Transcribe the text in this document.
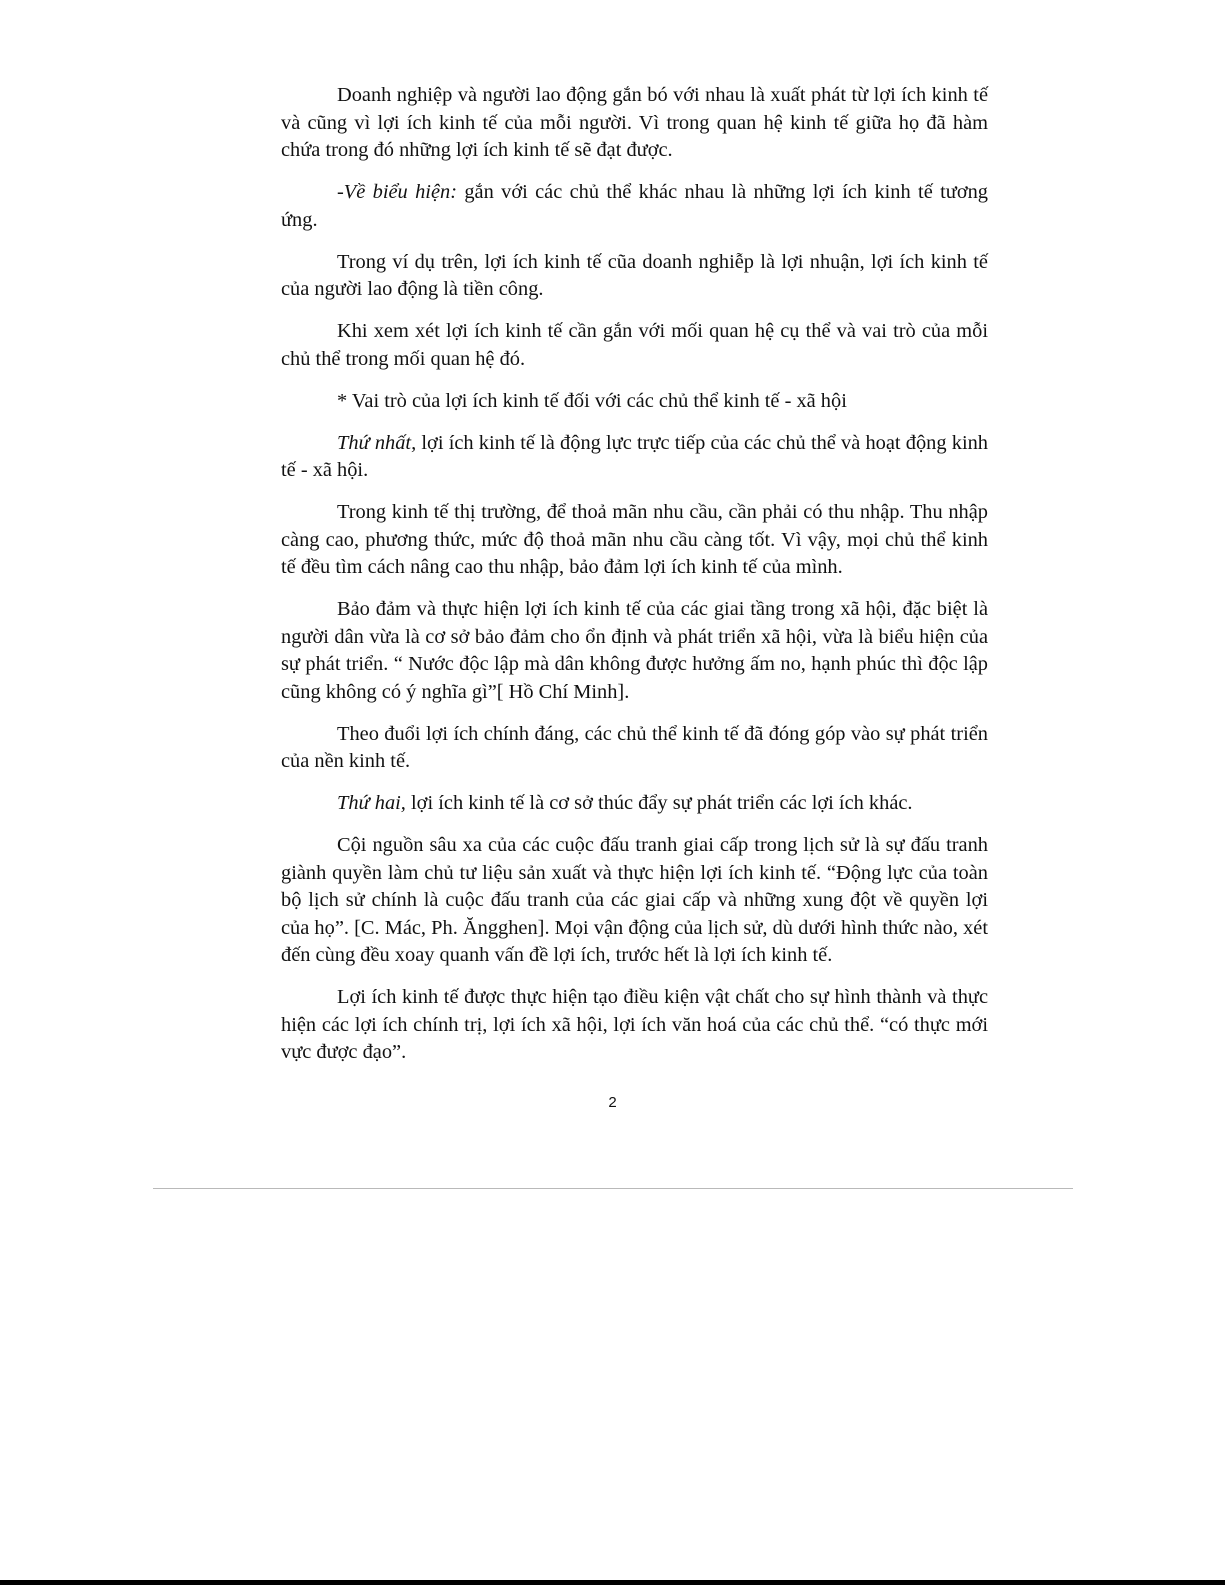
Doanh nghiệp và người lao động gắn bó với nhau là xuất phát từ lợi ích kinh tế và cũng vì lợi ích kinh tế của mỗi người. Vì trong quan hệ kinh tế giữa họ đã hàm chứa trong đó những lợi ích kinh tế sẽ đạt được.

-Về biểu hiện: gắn với các chủ thể khác nhau là những lợi ích kinh tế tương ứng.

Trong ví dụ trên, lợi ích kinh tế cũa doanh nghiễp là lợi nhuận, lợi ích kinh tế của người lao động là tiền công.

Khi xem xét lợi ích kinh tế cần gắn với mối quan hệ cụ thể và vai trò của mỗi chủ thể trong mối quan hệ đó.

* Vai trò của lợi ích kinh tế đối với các chủ thể kinh tế - xã hội

Thứ nhất, lợi ích kinh tế là động lực trực tiếp của các chủ thể và hoạt động kinh tế - xã hội.

Trong kinh tế thị trường, để thoả mãn nhu cầu, cần phải có thu nhập. Thu nhập càng cao, phương thức, mức độ thoả mãn nhu cầu càng tốt. Vì vậy, mọi chủ thể kinh tế đều tìm cách nâng cao thu nhập, bảo đảm lợi ích kinh tế của mình.

Bảo đảm và thực hiện lợi ích kinh tế của các giai tầng trong xã hội, đặc biệt là người dân vừa là cơ sở bảo đảm cho ổn định và phát triển xã hội, vừa là biểu hiện của sự phát triển. “ Nước độc lập mà dân không được hưởng ấm no, hạnh phúc thì độc lập cũng không có ý nghĩa gì”[ Hồ Chí Minh].

Theo đuổi lợi ích chính đáng, các chủ thể kinh tế đã đóng góp vào sự phát triển của nền kinh tế.

Thứ hai, lợi ích kinh tế là cơ sở thúc đẩy sự phát triển các lợi ích khác.

Cội nguồn sâu xa của các cuộc đấu tranh giai cấp trong lịch sử là sự đấu tranh giành quyền làm chủ tư liệu sản xuất và thực hiện lợi ích kinh tế. “Động lực của toàn bộ lịch sử chính là cuộc đấu tranh của các giai cấp và những xung đột về quyền lợi của họ”. [C. Mác, Ph. Ăngghen]. Mọi vận động của lịch sử, dù dưới hình thức nào, xét đến cùng đều xoay quanh vấn đề lợi ích, trước hết là lợi ích kinh tế.

Lợi ích kinh tế được thực hiện tạo điều kiện vật chất cho sự hình thành và thực hiện các lợi ích chính trị, lợi ích xã hội, lợi ích văn hoá của các chủ thể. “có thực mới vực được đạo”.

2
